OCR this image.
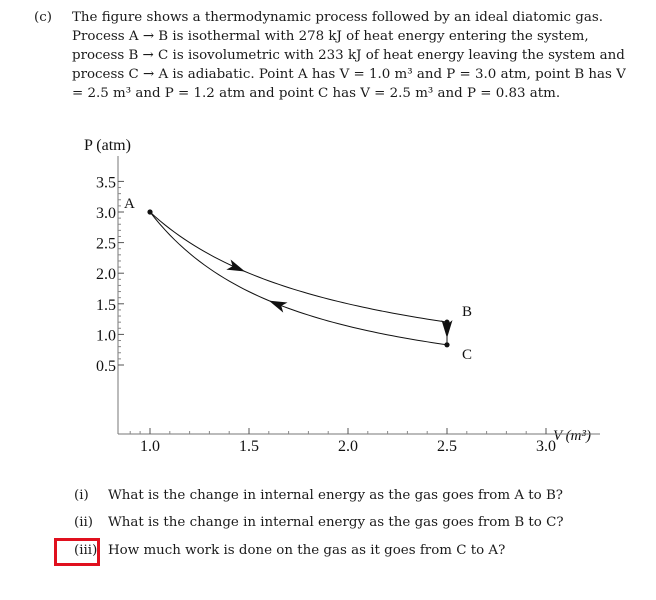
(c) The figure shows a thermodynamic process followed by an ideal diatomic gas. Process A → B is isothermal with 278 kJ of heat energy entering the system, process B → C is isovolumetric with 233 kJ of heat energy leaving the system and process C → A is adiabatic. Point A has V = 1.0 m³ and P = 3.0 atm, point B has V = 2.5 m³ and P = 1.2 atm and point C has V = 2.5 m³ and P = 0.83 atm.
P (atm)
V (m³)
3.5
3.0
2.5
2.0
1.5
1.0
0.5
1.0	1.5	2.0	2.5	3.0
A
B
C
(i) What is the change in internal energy as the gas goes from A to B?
(ii) What is the change in internal energy as the gas goes from B to C?
(iii) How much work is done on the gas as it goes from C to A?
